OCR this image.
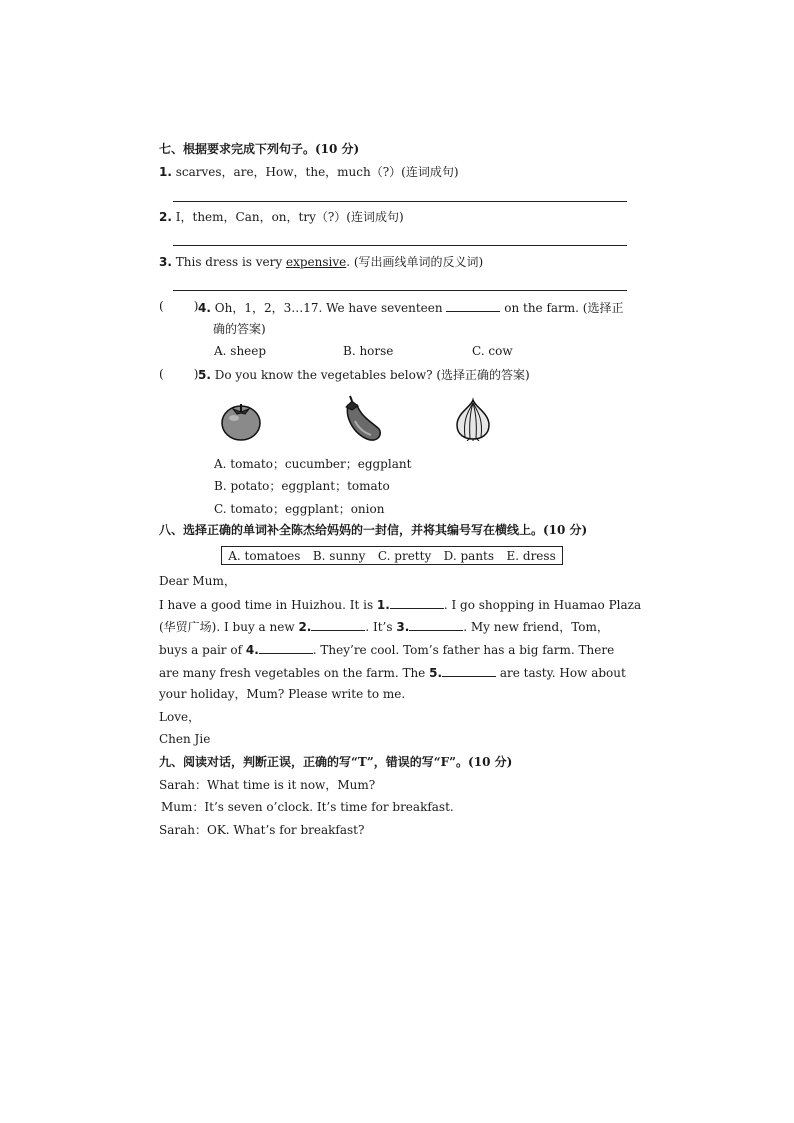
七、根据要求完成下列句子。(10 分)
1. scarves，are，How，the，much（?）(连词成句)
2. I，them，Can，on，try（?）(连词成句)
3. This dress is very expensive. (写出画线单词的反义词)
(	) 4. Oh，1，2，3…17. We have seventeen	on the farm. (选择正
确的答案)
A. sheep	B. horse	C. cow
(	) 5. Do you know the vegetables below? (选择正确的答案)
A. tomato；cucumber；eggplant
B. potato；eggplant；tomato
C. tomato；eggplant；onion
八、选择正确的单词补全陈杰给妈妈的一封信，并将其编号写在横线上。(10 分)
A. tomatoes B. sunny C. pretty D. pants E. dress
Dear Mum，
I have a good time in Huizhou. It is 1.	. I go shopping in Huamao Plaza
(华贸广场). I buy a new 2.	. It’s 3.	. My new friend，Tom，
buys a pair of 4.	. They’re cool. Tom’s father has a big farm. There
are many fresh vegetables on the farm. The 5.	are tasty. How about
your holiday，Mum? Please write to me.
Love，
Chen Jie
九、阅读对话，判断正误，正确的写“T”，错误的写“F”。(10 分)
Sarah：What time is it now，Mum?
Mum：It’s seven o’clock. It’s time for breakfast.
Sarah：OK. What’s for breakfast?
